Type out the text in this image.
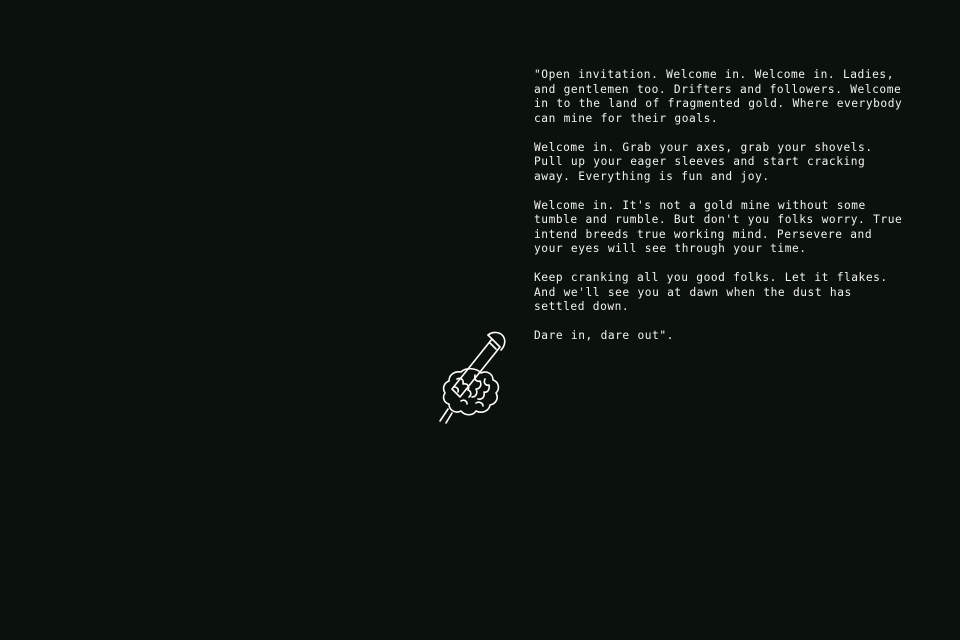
"Open invitation. Welcome in. Welcome in. Ladies, and gentlemen too. Drifters and followers. Welcome in to the land of fragmented gold. Where everybody can mine for their goals.

Welcome in. Grab your axes, grab your shovels. Pull up your eager sleeves and start cracking away. Everything is fun and joy.

Welcome in. It's not a gold mine without some tumble and rumble. But don't you folks worry. True intend breeds true working mind. Persevere and your eyes will see through your time.

Keep cranking all you good folks. Let it flakes. And we'll see you at dawn when the dust has settled down.

Dare in, dare out".
